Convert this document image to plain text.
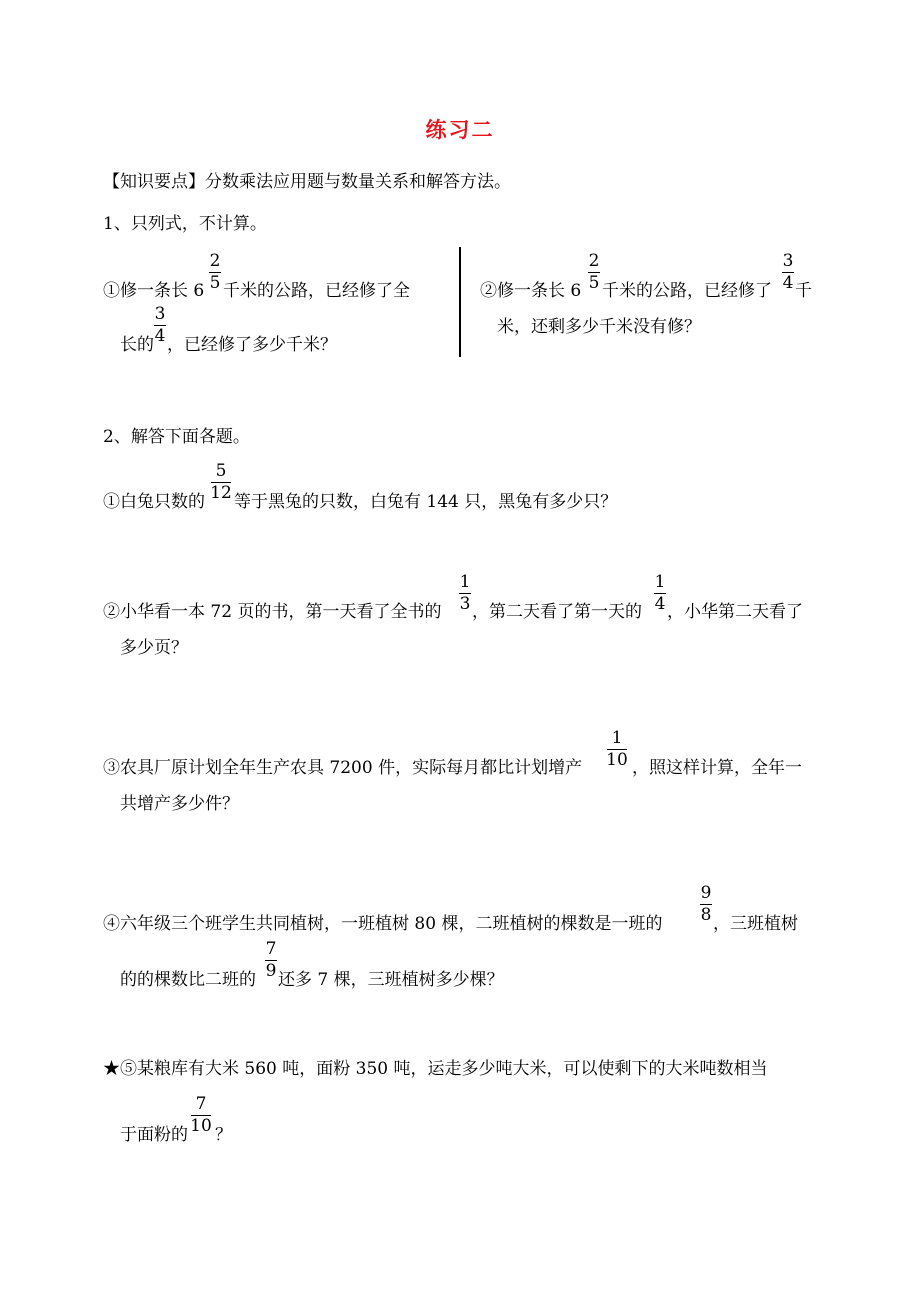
练习二
【知识要点】分数乘法应用题与数量关系和解答方法。
1、只列式，不计算。
①修一条长 6
2
5 千米的公路，已经修了全
长的
3
4 ，已经修了多少千米？
②修一条长 6
2
5 千米的公路，已经修了
3
4 千
米，还剩多少千米没有修？
2、解答下面各题。
①白兔只数的
5
12 等于黑兔的只数，白兔有 144 只，黑兔有多少只？
②小华看一本 72 页的书，第一天看了全书的
1
3 ，第二天看了第一天的
1
4 ，小华第二天看了
多少页？
③农具厂原计划全年生产农具 7200 件，实际每月都比计划增产
1
10 ，照这样计算，全年一
共增产多少件？
④六年级三个班学生共同植树，一班植树 80 棵，二班植树的棵数是一班的
9
8 ，三班植树
的的棵数比二班的
7
9 还多 7 棵，三班植树多少棵？
★⑤某粮库有大米 560 吨，面粉 350 吨，运走多少吨大米，可以使剩下的大米吨数相当
于面粉的
7
10 ？
